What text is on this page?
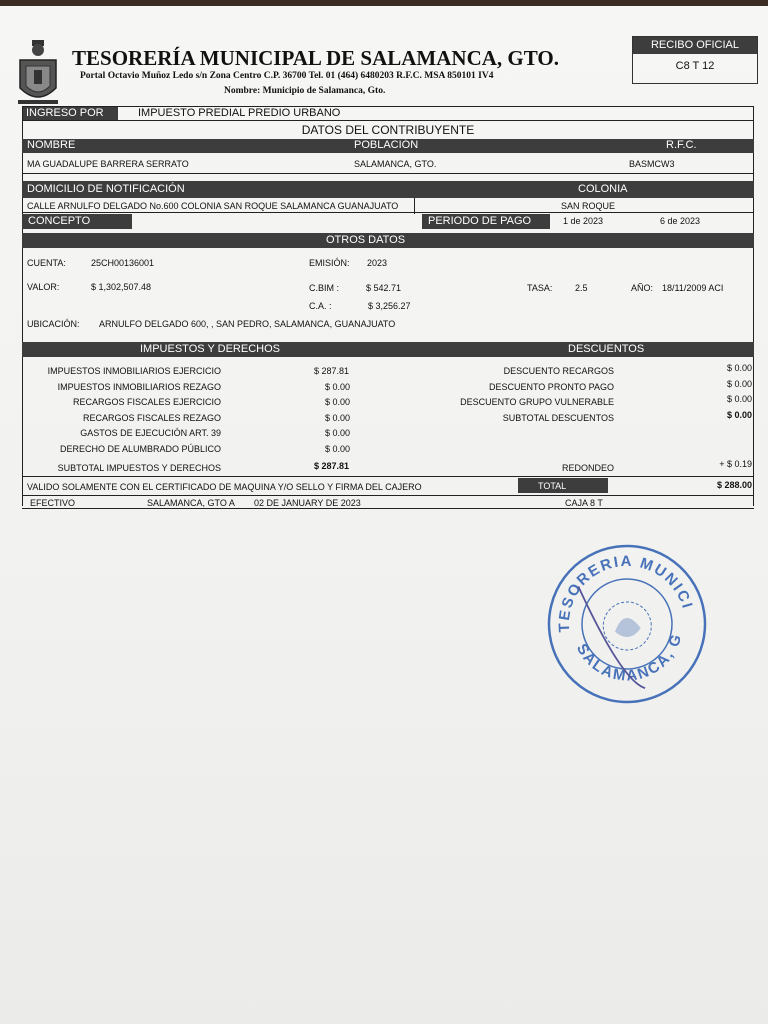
TESORERÍA MUNICIPAL DE SALAMANCA, GTO.
Portal Octavio Muñoz Ledo s/n Zona Centro C.P. 36700 Tel. 01 (464) 6480203 R.F.C. MSA 850101 IV4
Nombre: Municipio de Salamanca, Gto.
RECIBO OFICIAL
C8 T 12
INGRESO POR	IMPUESTO PREDIAL PREDIO URBANO
DATOS DEL CONTRIBUYENTE
NOMBRE	POBLACIÓN	R.F.C.
MA GUADALUPE BARRERA SERRATO	SALAMANCA, GTO.	BASMCW3
DOMICILIO DE NOTIFICACIÓN	COLONIA
CALLE ARNULFO DELGADO No.600 COLONIA SAN ROQUE SALAMANCA GUANAJUATO	SAN ROQUE
CONCEPTO	PERIODO DE PAGO	1 de 2023	6 de 2023
OTROS DATOS
CUENTA:	25CH00136001	EMISIÓN: 2023
VALOR:	$ 1,302,507.48	C.BIM :	$ 542.71	TASA:	2.5	AÑO: 18/11/2009 ACI
C.A. :	$ 3,256.27
UBICACIÓN: ARNULFO DELGADO 600, , SAN PEDRO, SALAMANCA, GUANAJUATO
IMPUESTOS Y DERECHOS	DESCUENTOS
IMPUESTOS INMOBILIARIOS EJERCICIO	$ 287.81
IMPUESTOS INMOBILIARIOS REZAGO	$ 0.00
RECARGOS FISCALES EJERCICIO	$ 0.00
RECARGOS FISCALES REZAGO	$ 0.00
GASTOS DE EJECUCIÓN ART. 39	$ 0.00
DERECHO DE ALUMBRADO PÚBLICO	$ 0.00
DESCUENTO RECARGOS	$ 0.00
DESCUENTO PRONTO PAGO	$ 0.00
DESCUENTO GRUPO VULNERABLE	$ 0.00
SUBTOTAL DESCUENTOS	$ 0.00
SUBTOTAL IMPUESTOS Y DERECHOS	$ 287.81	REDONDEO	+ $ 0.19
VALIDO SOLAMENTE CON EL CERTIFICADO DE MAQUINA Y/O SELLO Y FIRMA DEL CAJERO	TOTAL	$ 288.00
EFECTIVO	SALAMANCA, GTO A 02 DE JANUARY DE 2023	CAJA 8 T
TESORERIA MUNICIPAL
SALAMANCA, GTO.
